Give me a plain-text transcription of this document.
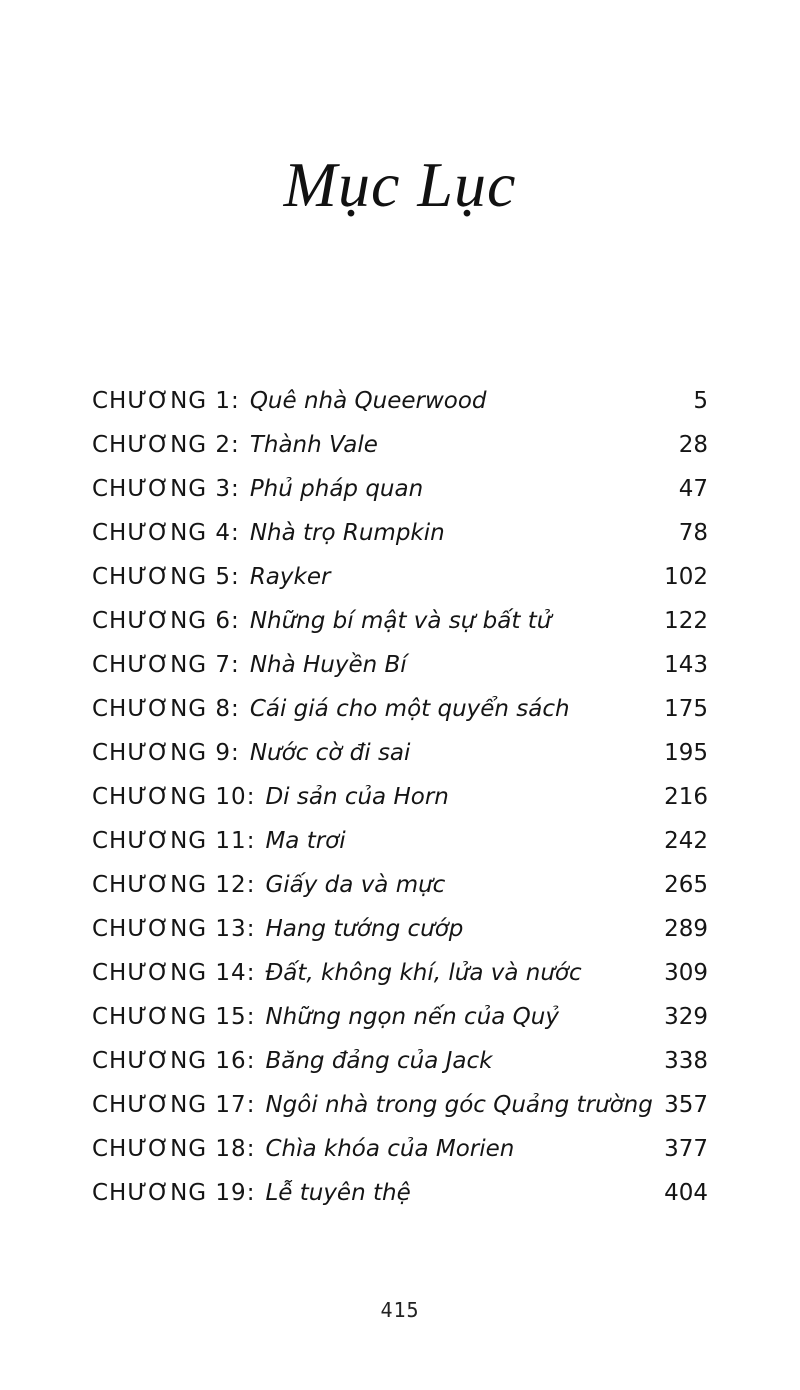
Mục Lục
CHƯƠNG 1: Quê nhà Queerwood	5
CHƯƠNG 2: Thành Vale	28
CHƯƠNG 3: Phủ pháp quan	47
CHƯƠNG 4: Nhà trọ Rumpkin	78
CHƯƠNG 5: Rayker	102
CHƯƠNG 6: Những bí mật và sự bất tử	122
CHƯƠNG 7: Nhà Huyền Bí	143
CHƯƠNG 8: Cái giá cho một quyển sách	175
CHƯƠNG 9: Nước cờ đi sai	195
CHƯƠNG 10: Di sản của Horn	216
CHƯƠNG 11: Ma trơi	242
CHƯƠNG 12: Giấy da và mực	265
CHƯƠNG 13: Hang tướng cướp	289
CHƯƠNG 14: Đất, không khí, lửa và nước	309
CHƯƠNG 15: Những ngọn nến của Quỷ	329
CHƯƠNG 16: Băng đảng của Jack	338
CHƯƠNG 17: Ngôi nhà trong góc Quảng trường 357
CHƯƠNG 18: Chìa khóa của Morien	377
CHƯƠNG 19: Lễ tuyên thệ	404
415
